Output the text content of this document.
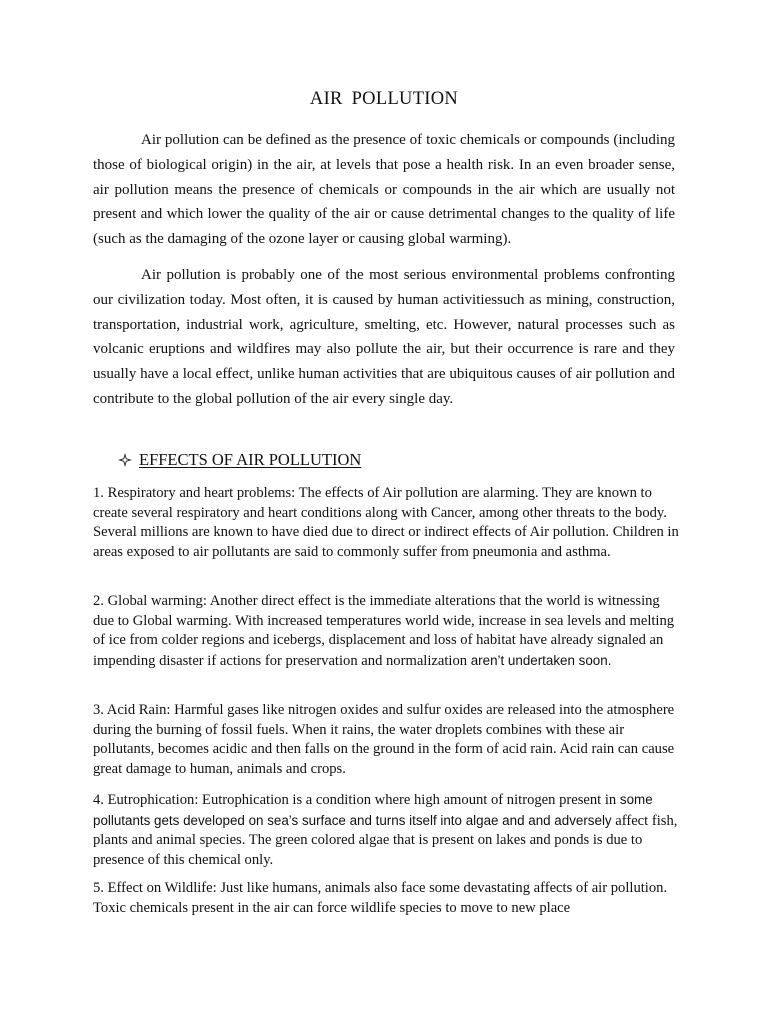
AIR POLLUTION

Air pollution can be defined as the presence of toxic chemicals or compounds (including those of biological origin) in the air, at levels that pose a health risk. In an even broader sense, air pollution means the presence of chemicals or compounds in the air which are usually not present and which lower the quality of the air or cause detrimental changes to the quality of life (such as the damaging of the ozone layer or causing global warming).

Air pollution is probably one of the most serious environmental problems confronting our civilization today. Most often, it is caused by human activitiessuch as mining, construction, transportation, industrial work, agriculture, smelting, etc. However, natural processes such as volcanic eruptions and wildfires may also pollute the air, but their occurrence is rare and they usually have a local effect, unlike human activities that are ubiquitous causes of air pollution and contribute to the global pollution of the air every single day.

EFFECTS OF AIR POLLUTION

1. Respiratory and heart problems: The effects of Air pollution are alarming. They are known to create several respiratory and heart conditions along with Cancer, among other threats to the body. Several millions are known to have died due to direct or indirect effects of Air pollution. Children in areas exposed to air pollutants are said to commonly suffer from pneumonia and asthma.

2. Global warming: Another direct effect is the immediate alterations that the world is witnessing due to Global warming. With increased temperatures world wide, increase in sea levels and melting of ice from colder regions and icebergs, displacement and loss of habitat have already signaled an impending disaster if actions for preservation and normalization aren’t undertaken soon.

3. Acid Rain: Harmful gases like nitrogen oxides and sulfur oxides are released into the atmosphere during the burning of fossil fuels. When it rains, the water droplets combines with these air pollutants, becomes acidic and then falls on the ground in the form of acid rain. Acid rain can cause great damage to human, animals and crops.

4. Eutrophication: Eutrophication is a condition where high amount of nitrogen present in some pollutants gets developed on sea’s surface and turns itself into algae and and adversely affect fish, plants and animal species. The green colored algae that is present on lakes and ponds is due to presence of this chemical only.

5. Effect on Wildlife: Just like humans, animals also face some devastating affects of air pollution. Toxic chemicals present in the air can force wildlife species to move to new place
